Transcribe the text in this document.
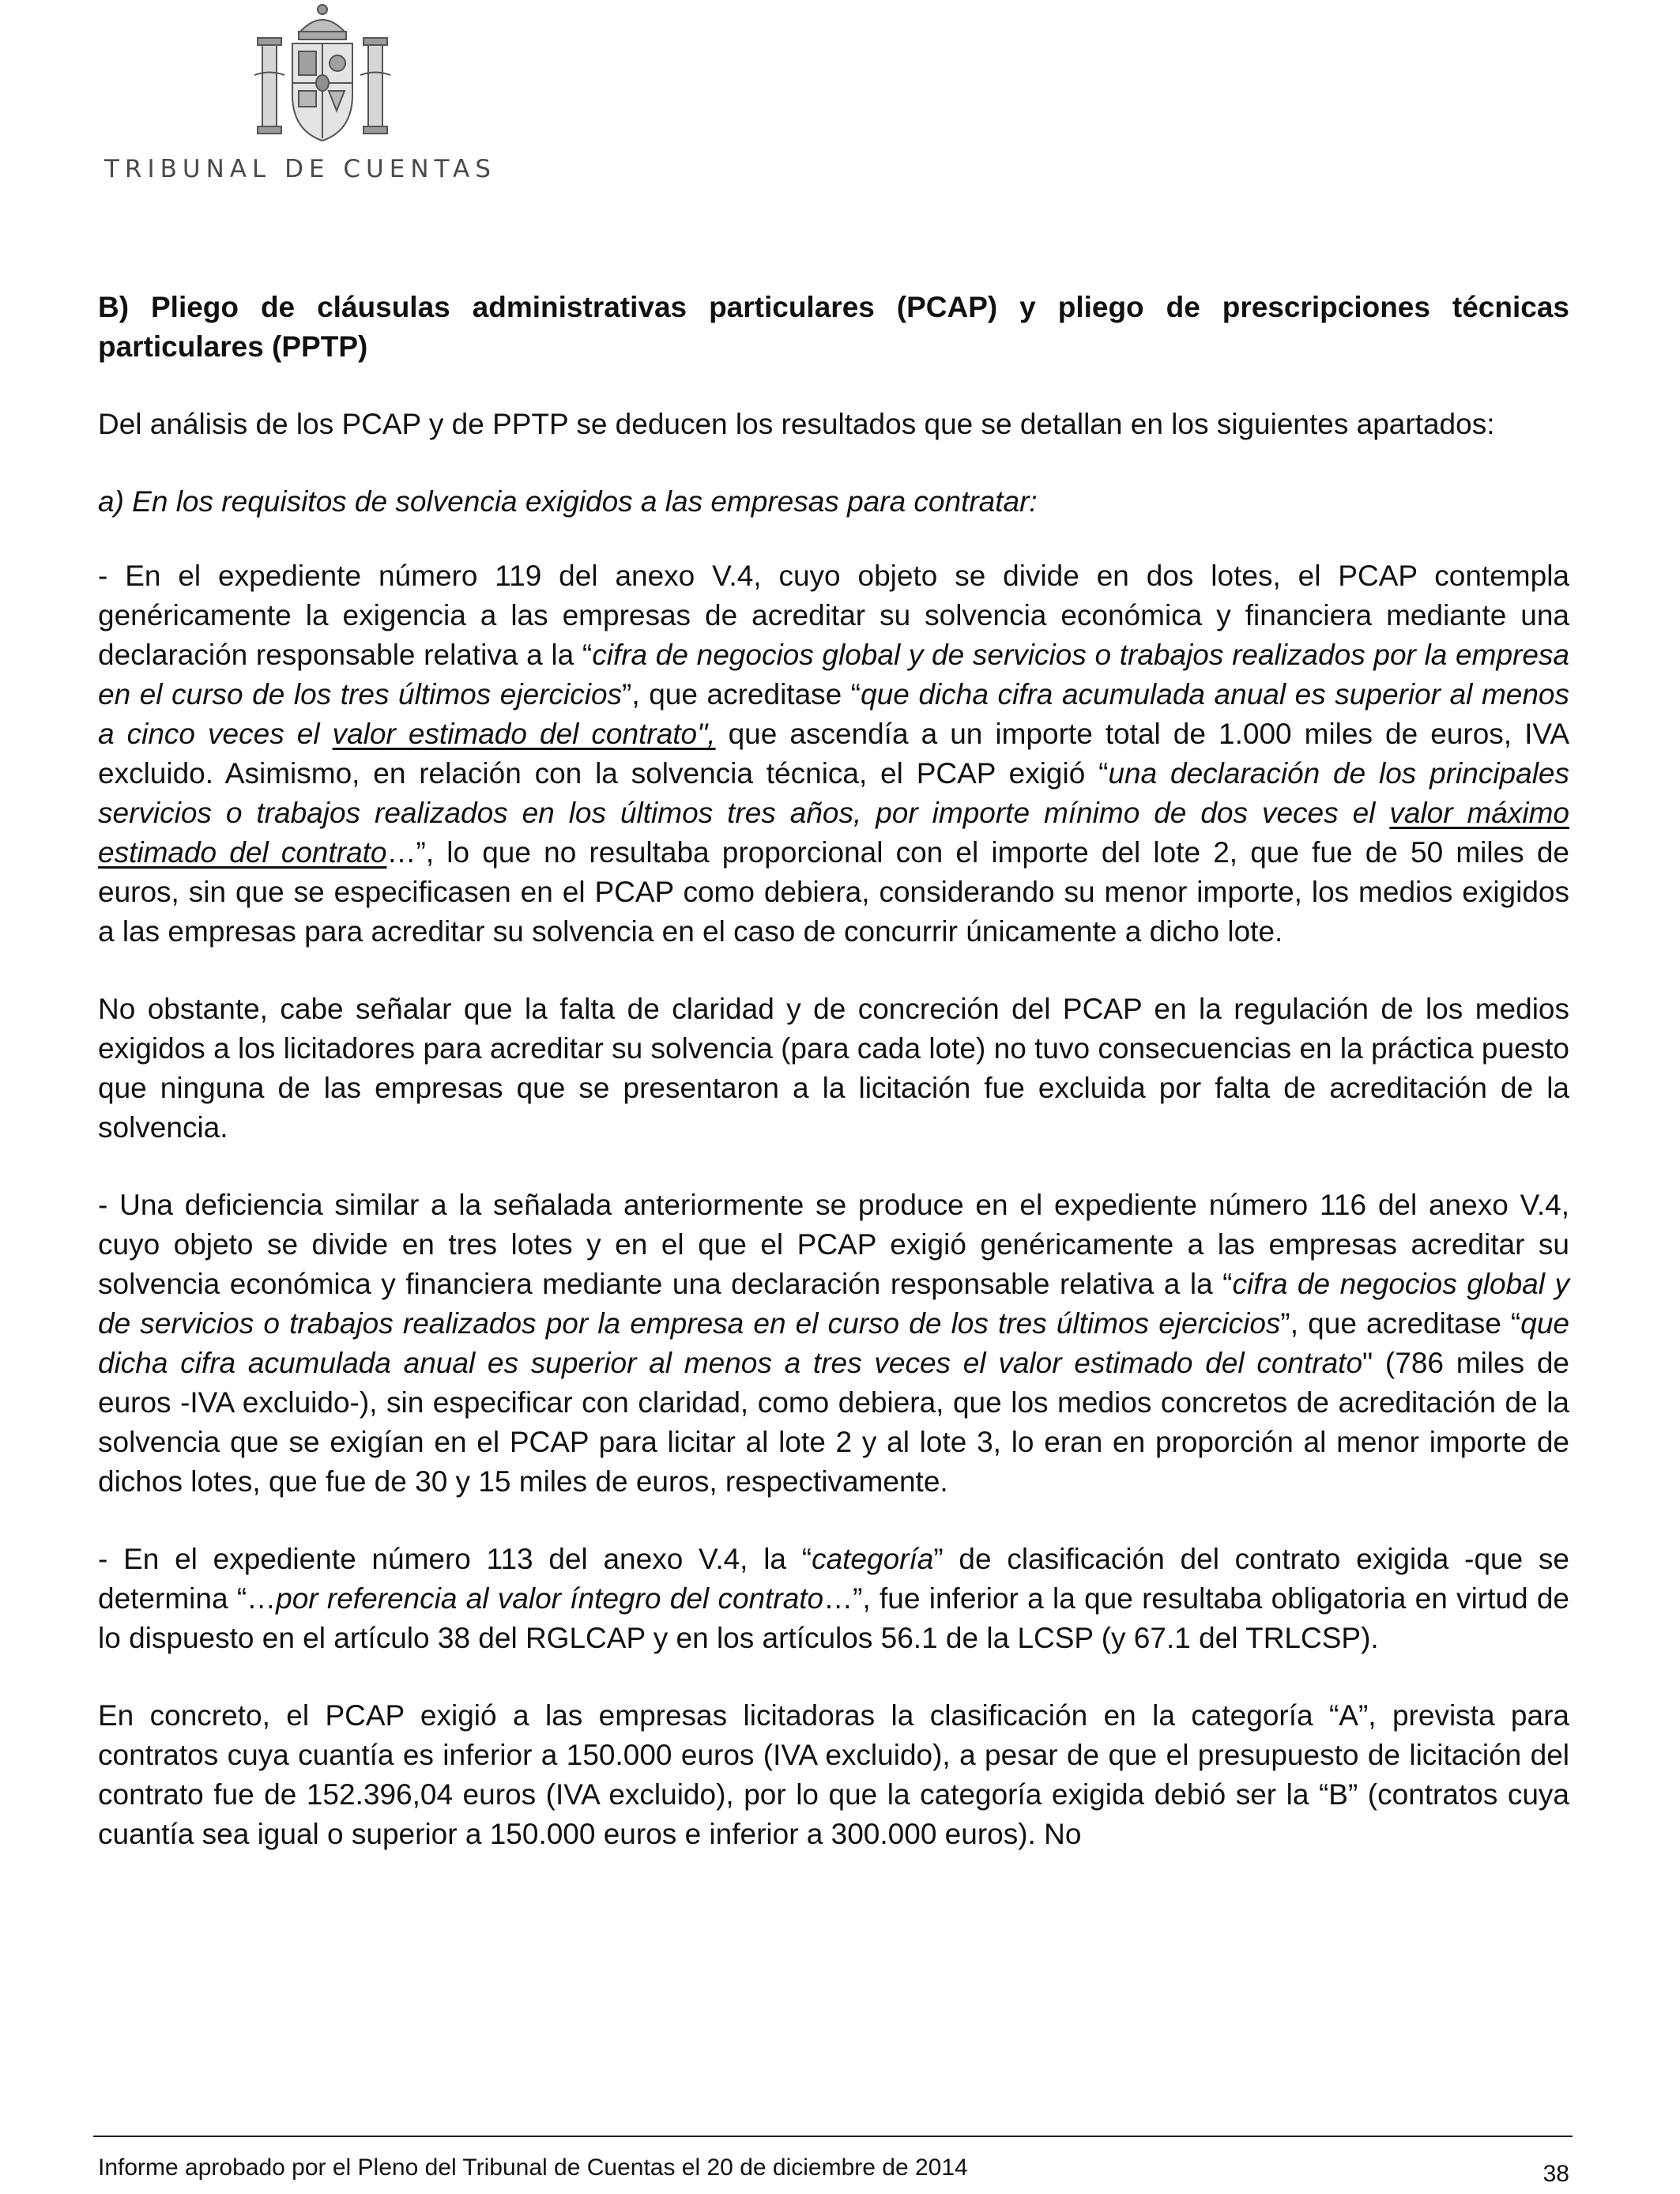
TRIBUNAL DE CUENTAS

B) Pliego de cláusulas administrativas particulares (PCAP) y pliego de prescripciones técnicas particulares (PPTP)

Del análisis de los PCAP y de PPTP se deducen los resultados que se detallan en los siguientes apartados:

a) En los requisitos de solvencia exigidos a las empresas para contratar:

- En el expediente número 119 del anexo V.4, cuyo objeto se divide en dos lotes, el PCAP contempla genéricamente la exigencia a las empresas de acreditar su solvencia económica y financiera mediante una declaración responsable relativa a la “cifra de negocios global y de servicios o trabajos realizados por la empresa en el curso de los tres últimos ejercicios”, que acreditase “que dicha cifra acumulada anual es superior al menos a cinco veces el valor estimado del contrato", que ascendía a un importe total de 1.000 miles de euros, IVA excluido. Asimismo, en relación con la solvencia técnica, el PCAP exigió “una declaración de los principales servicios o trabajos realizados en los últimos tres años, por importe mínimo de dos veces el valor máximo estimado del contrato…”, lo que no resultaba proporcional con el importe del lote 2, que fue de 50 miles de euros, sin que se especificasen en el PCAP como debiera, considerando su menor importe, los medios exigidos a las empresas para acreditar su solvencia en el caso de concurrir únicamente a dicho lote.

No obstante, cabe señalar que la falta de claridad y de concreción del PCAP en la regulación de los medios exigidos a los licitadores para acreditar su solvencia (para cada lote) no tuvo consecuencias en la práctica puesto que ninguna de las empresas que se presentaron a la licitación fue excluida por falta de acreditación de la solvencia.

- Una deficiencia similar a la señalada anteriormente se produce en el expediente número 116 del anexo V.4, cuyo objeto se divide en tres lotes y en el que el PCAP exigió genéricamente a las empresas acreditar su solvencia económica y financiera mediante una declaración responsable relativa a la “cifra de negocios global y de servicios o trabajos realizados por la empresa en el curso de los tres últimos ejercicios”, que acreditase “que dicha cifra acumulada anual es superior al menos a tres veces el valor estimado del contrato" (786 miles de euros -IVA excluido-), sin especificar con claridad, como debiera, que los medios concretos de acreditación de la solvencia que se exigían en el PCAP para licitar al lote 2 y al lote 3, lo eran en proporción al menor importe de dichos lotes, que fue de 30 y 15 miles de euros, respectivamente.

- En el expediente número 113 del anexo V.4, la “categoría” de clasificación del contrato exigida -que se determina “…por referencia al valor íntegro del contrato…”, fue inferior a la que resultaba obligatoria en virtud de lo dispuesto en el artículo 38 del RGLCAP y en los artículos 56.1 de la LCSP (y 67.1 del TRLCSP).

En concreto, el PCAP exigió a las empresas licitadoras la clasificación en la categoría “A”, prevista para contratos cuya cuantía es inferior a 150.000 euros (IVA excluido), a pesar de que el presupuesto de licitación del contrato fue de 152.396,04 euros (IVA excluido), por lo que la categoría exigida debió ser la “B” (contratos cuya cuantía sea igual o superior a 150.000 euros e inferior a 300.000 euros). No

38
Informe aprobado por el Pleno del Tribunal de Cuentas el 20 de diciembre de 2014
